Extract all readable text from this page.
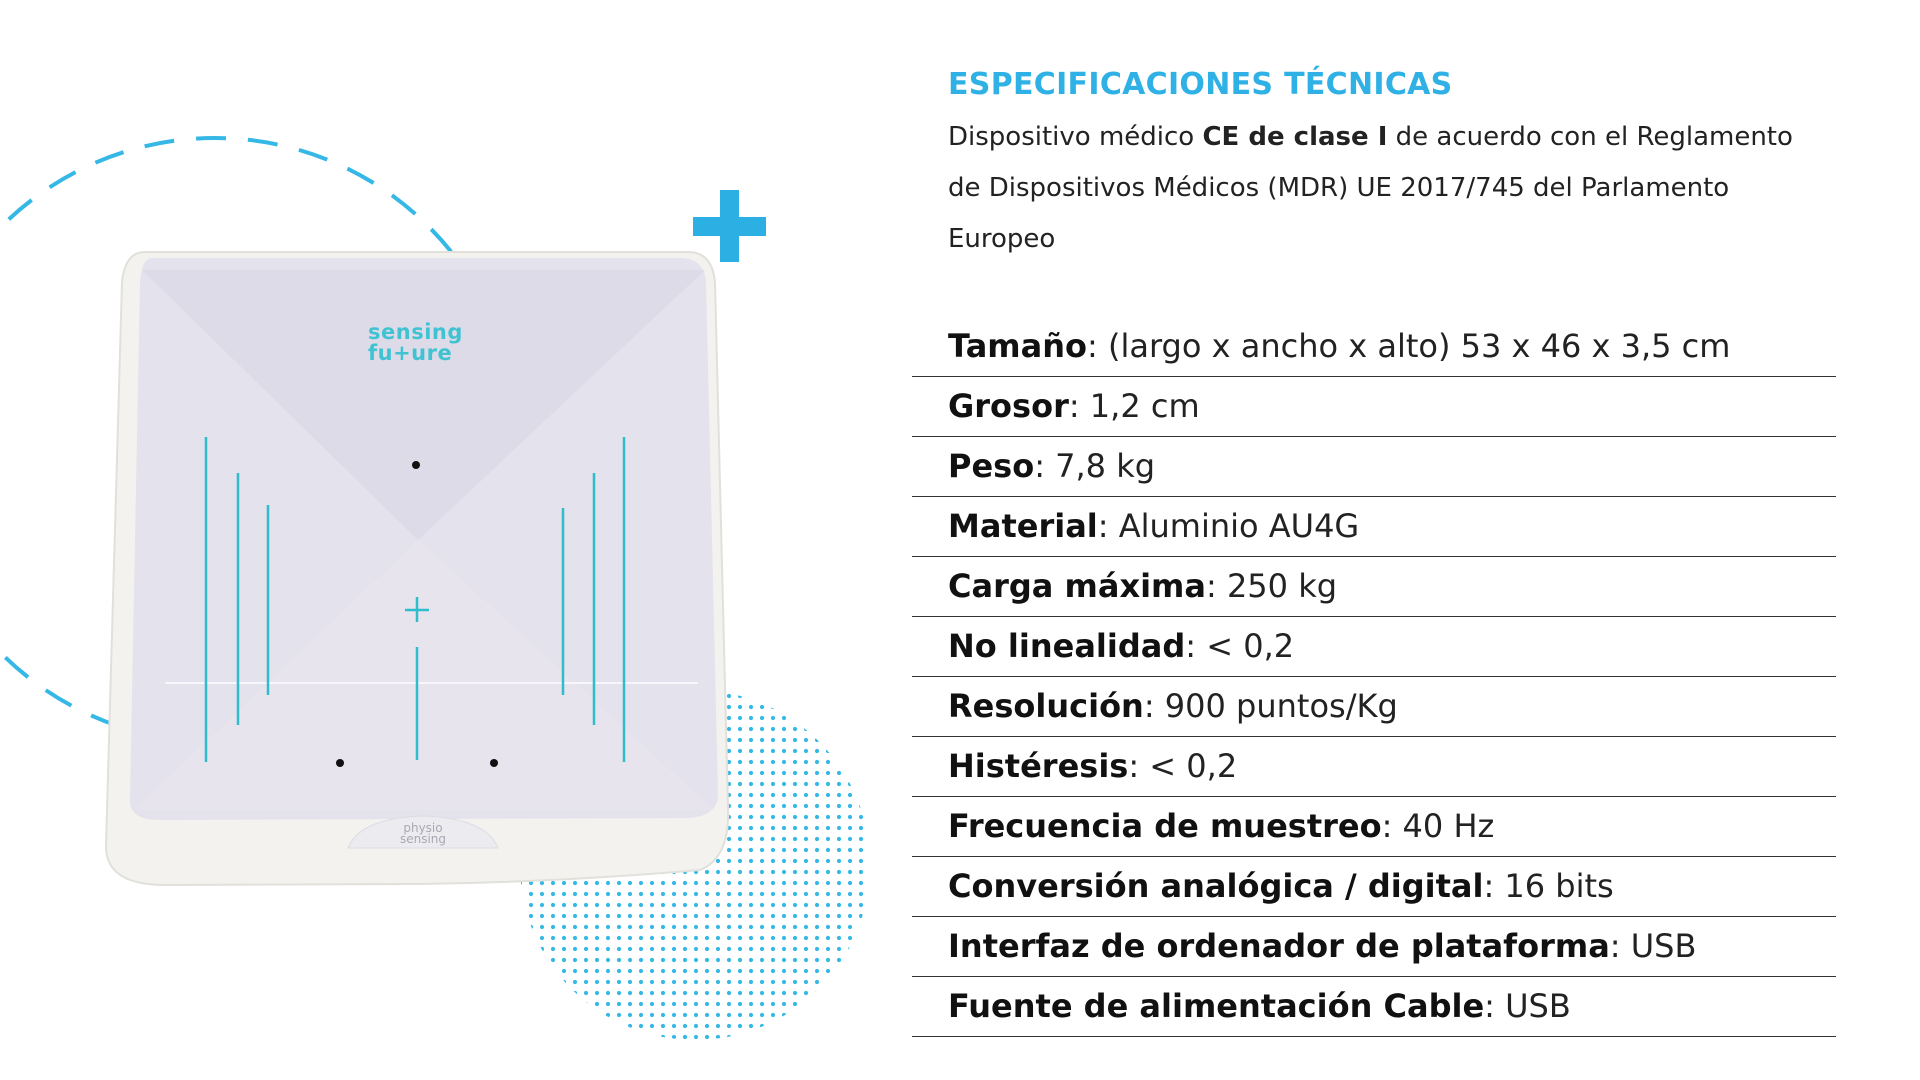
sensing
fu+ure
physio
sensing
ESPECIFICACIONES TÉCNICAS

Dispositivo médico CE de clase I de acuerdo con el Reglamento de Dispositivos Médicos (MDR) UE 2017/745 del Parlamento Europeo

Tamaño: (largo x ancho x alto) 53 x 46 x 3,5 cm
Grosor: 1,2 cm
Peso: 7,8 kg
Material: Aluminio AU4G
Carga máxima: 250 kg
No linealidad: < 0,2
Resolución: 900 puntos/Kg
Histéresis: < 0,2
Frecuencia de muestreo: 40 Hz
Conversión analógica / digital: 16 bits
Interfaz de ordenador de plataforma: USB
Fuente de alimentación Cable: USB
